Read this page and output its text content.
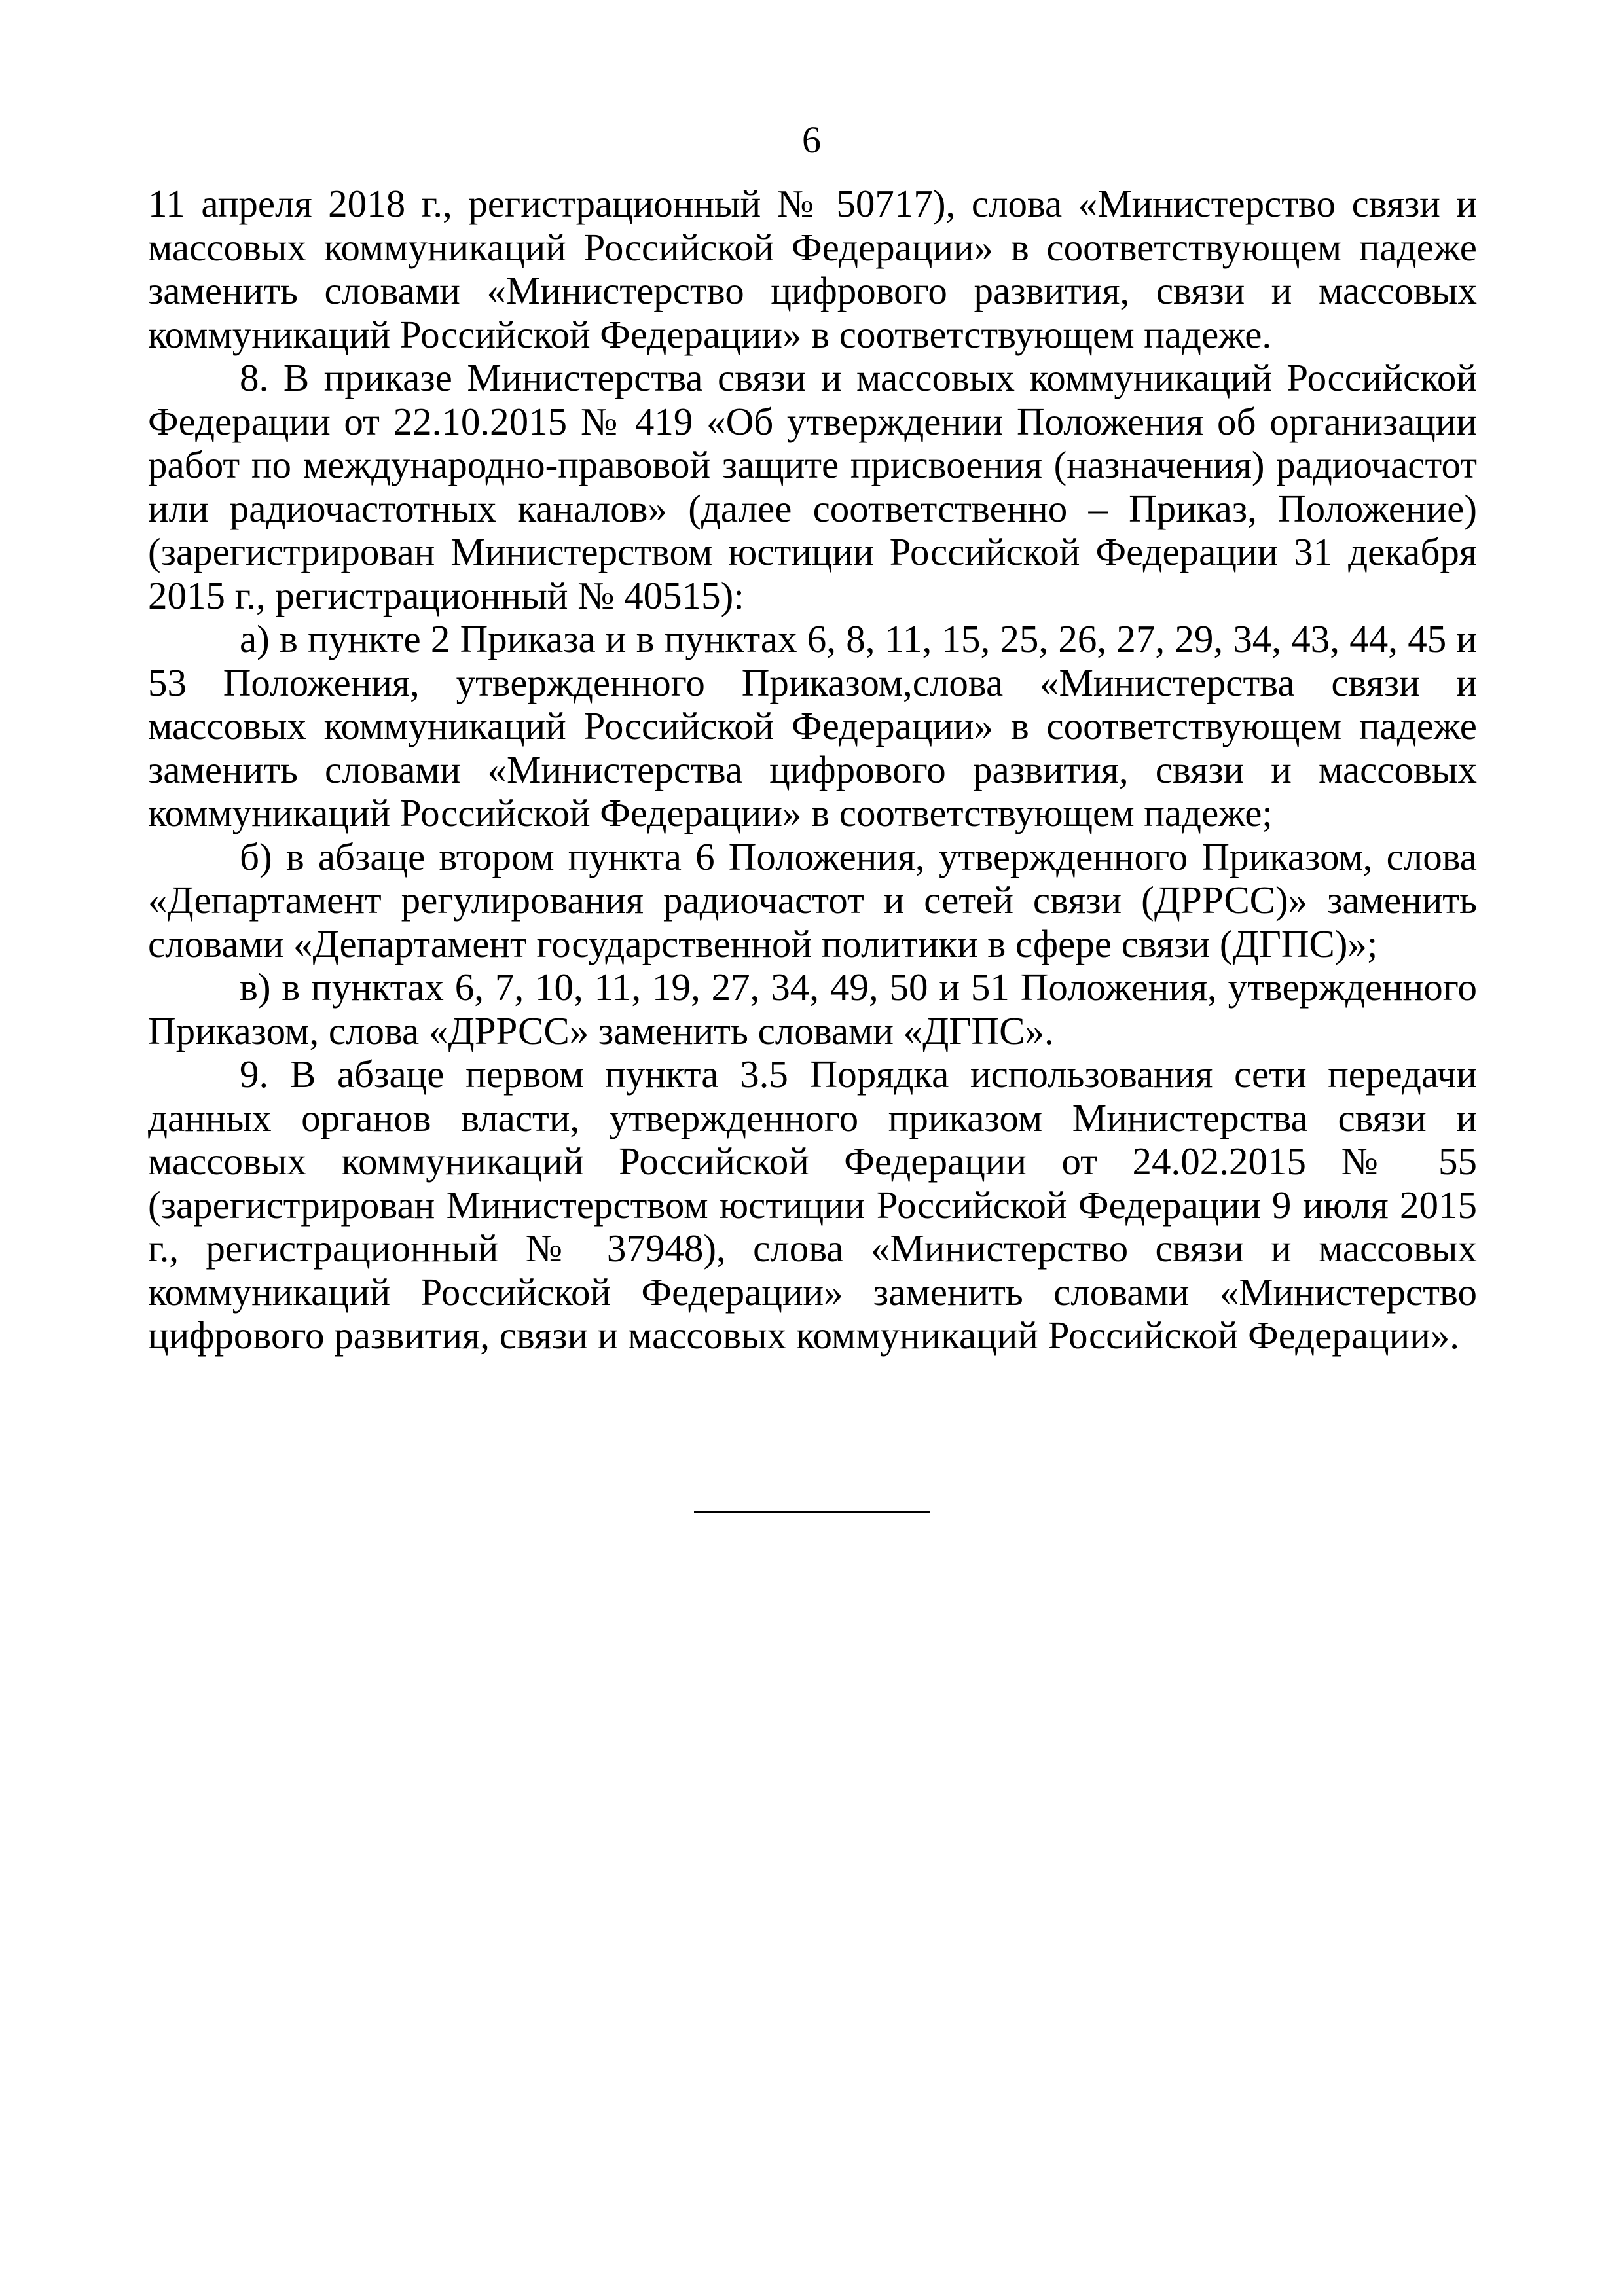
6

11 апреля 2018 г., регистрационный № 50717), слова «Министерство связи и массовых коммуникаций Российской Федерации» в соответствующем падеже заменить словами «Министерство цифрового развития, связи и массовых коммуникаций Российской Федерации» в соответствующем падеже.

8. В приказе Министерства связи и массовых коммуникаций Российской Федерации от 22.10.2015 № 419 «Об утверждении Положения об организации работ по международно-правовой защите присвоения (назначения) радиочастот или радиочастотных каналов» (далее соответственно – Приказ, Положение) (зарегистрирован Министерством юстиции Российской Федерации 31 декабря 2015 г., регистрационный № 40515):

а) в пункте 2 Приказа и в пунктах 6, 8, 11, 15, 25, 26, 27, 29, 34, 43, 44, 45 и 53 Положения, утвержденного Приказом,слова «Министерства связи и массовых коммуникаций Российской Федерации» в соответствующем падеже заменить словами «Министерства цифрового развития, связи и массовых коммуникаций Российской Федерации» в соответствующем падеже;

б) в абзаце втором пункта 6 Положения, утвержденного Приказом, слова «Департамент регулирования радиочастот и сетей связи (ДРРСС)» заменить словами «Департамент государственной политики в сфере связи (ДГПС)»;

в) в пунктах 6, 7, 10, 11, 19, 27, 34, 49, 50 и 51 Положения, утвержденного Приказом, слова «ДРРСС» заменить словами «ДГПС».

9. В абзаце первом пункта 3.5 Порядка использования сети передачи данных органов власти, утвержденного приказом Министерства связи и массовых коммуникаций Российской Федерации от 24.02.2015 № 55 (зарегистрирован Министерством юстиции Российской Федерации 9 июля 2015 г., регистрационный № 37948), слова «Министерство связи и массовых коммуникаций Российской Федерации» заменить словами «Министерство цифрового развития, связи и массовых коммуникаций Российской Федерации».
